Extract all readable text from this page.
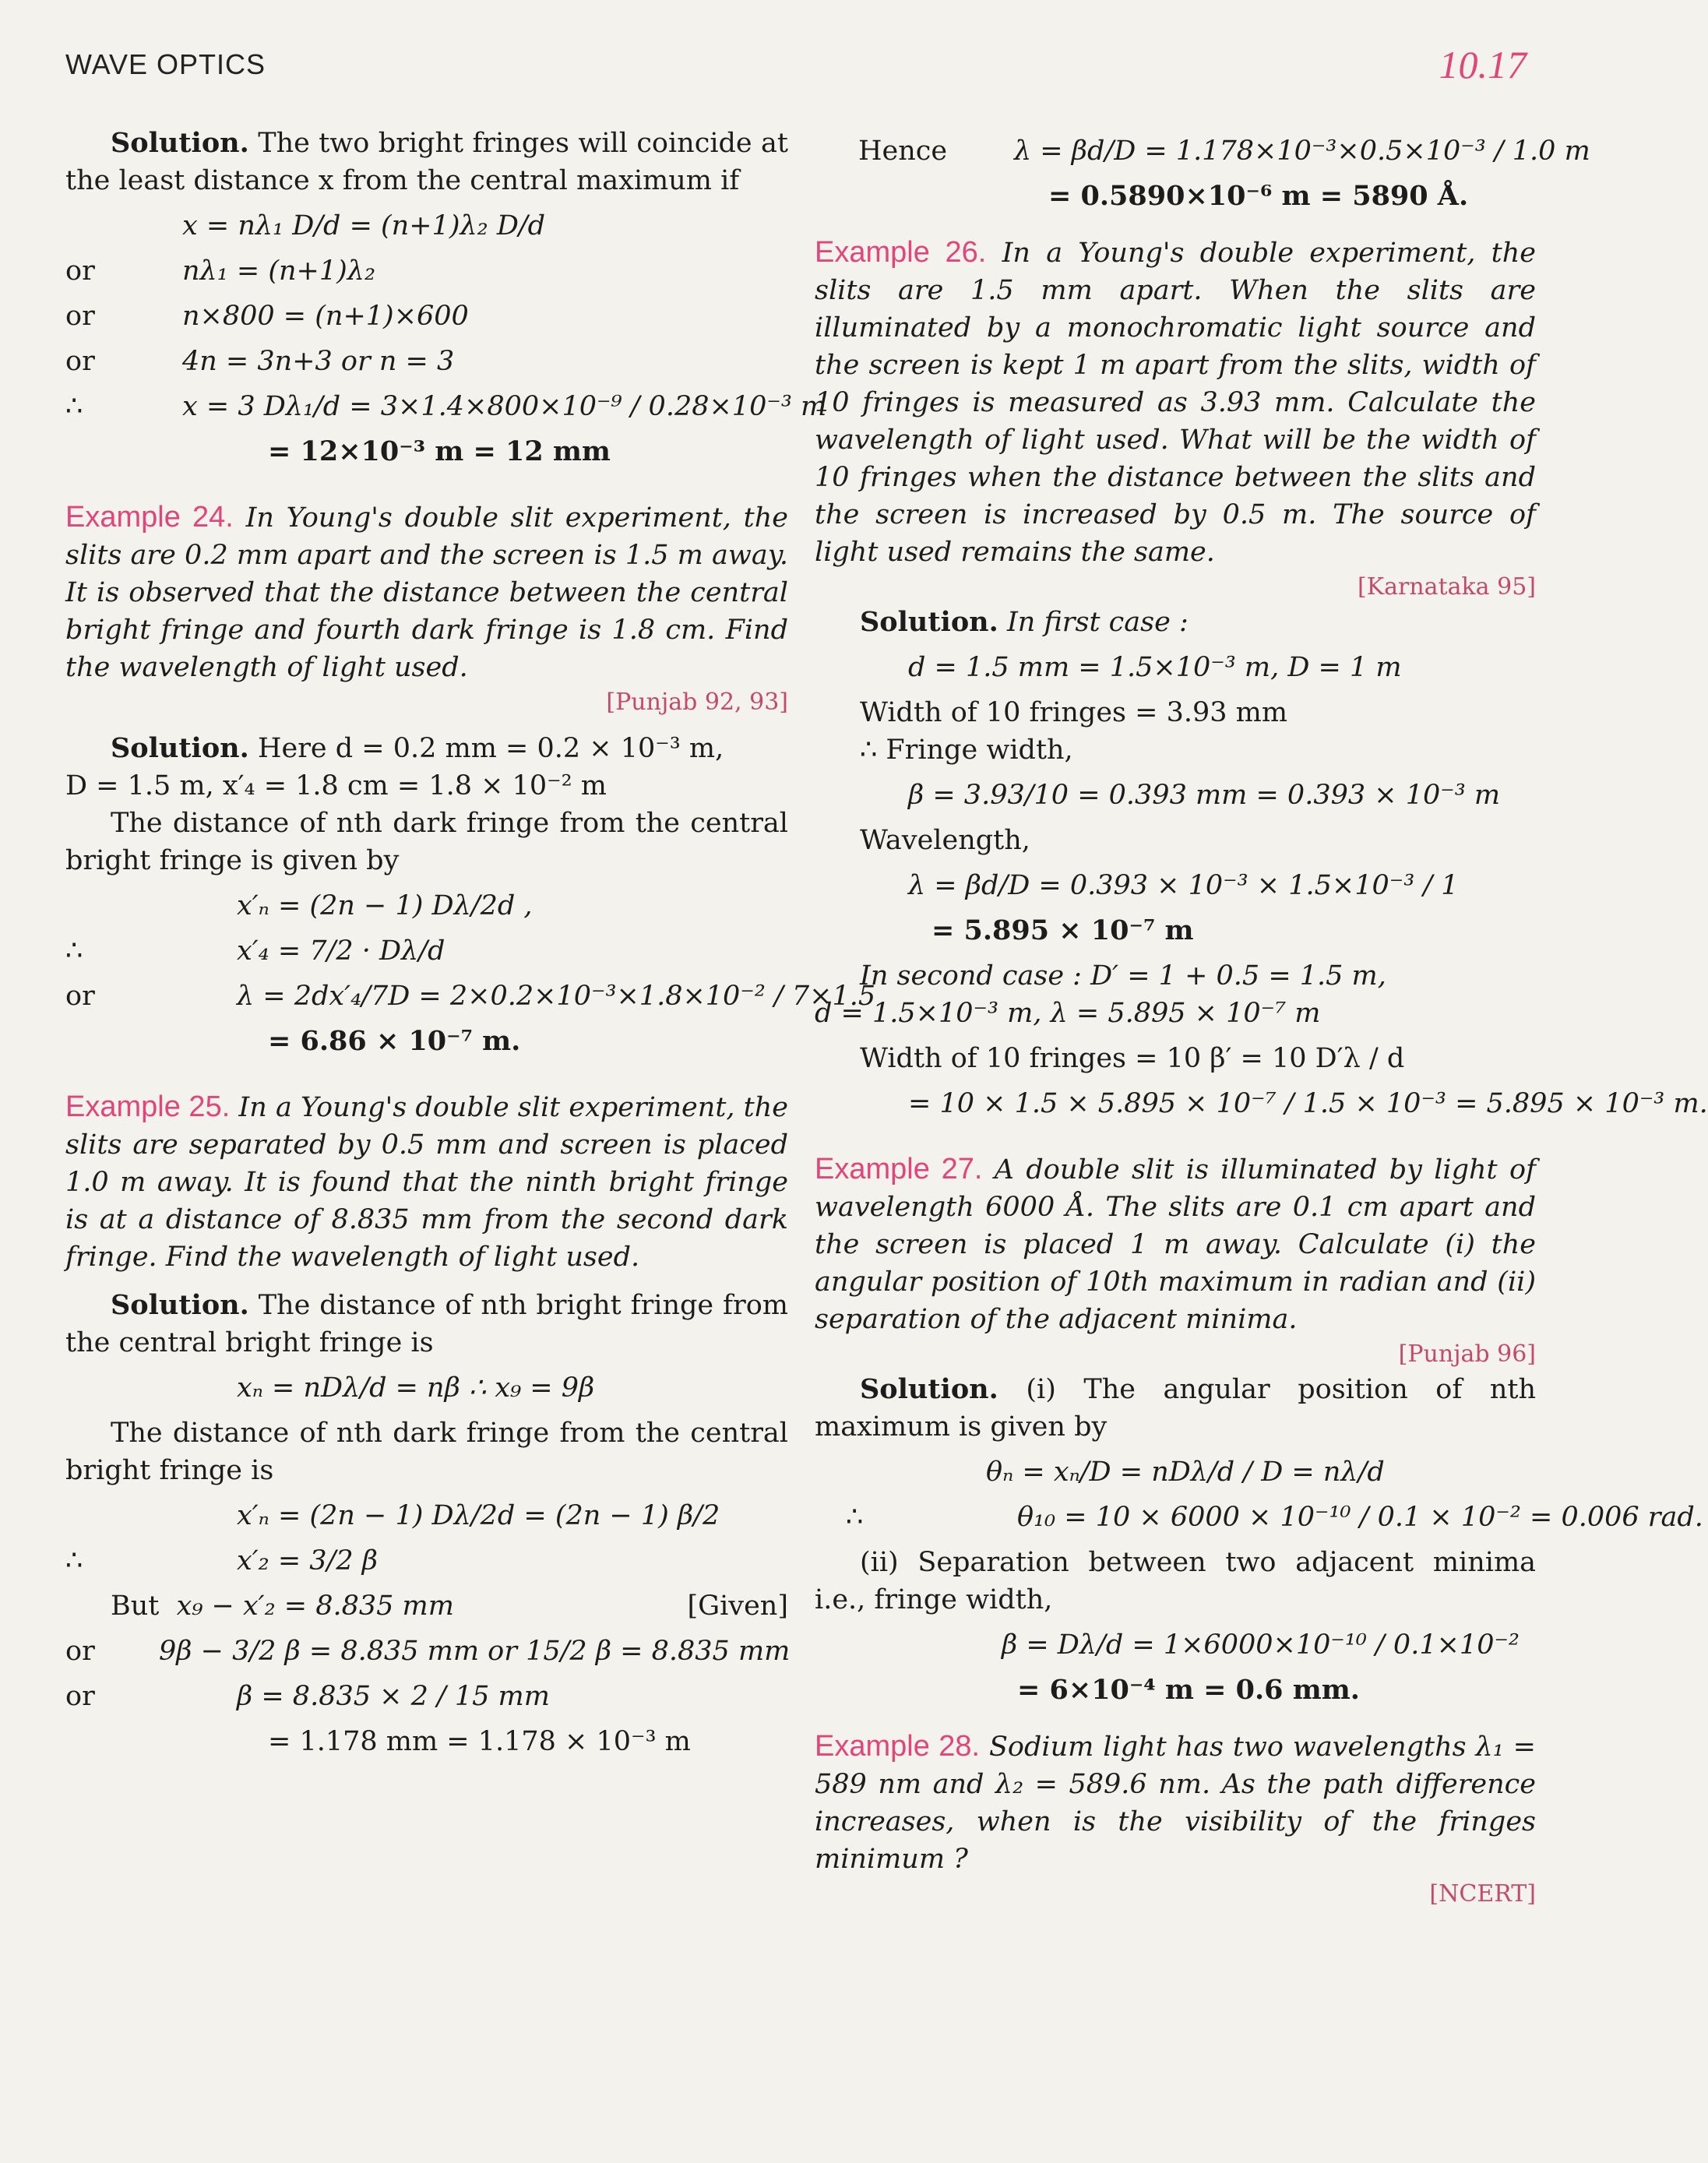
WAVE OPTICS	10.17

Solution. The two bright fringes will coincide at the least distance x from the central maximum if

x = nλ₁ D/d = (n+1)λ₂ D/d
or	nλ₁ = (n+1)λ₂
or	n×800 = (n+1)×600
or	4n = 3n+3 or n = 3
∴	x = 3 Dλ₁/d = 3×1.4×800×10⁻⁹ / 0.28×10⁻³ m
= 12×10⁻³ m = 12 mm

Example 24. In Young's double slit experiment, the slits are 0.2 mm apart and the screen is 1.5 m away. It is observed that the distance between the central bright fringe and fourth dark fringe is 1.8 cm. Find the wavelength of light used.

[Punjab 92, 93]

Solution. Here d = 0.2 mm = 0.2 × 10⁻³ m,

D = 1.5 m, x′₄ = 1.8 cm = 1.8 × 10⁻² m

The distance of nth dark fringe from the central bright fringe is given by

x′ₙ = (2n − 1) Dλ/2d ,
∴	x′₄ = 7/2 · Dλ/d
or	λ = 2dx′₄/7D = 2×0.2×10⁻³×1.8×10⁻² / 7×1.5
= 6.86 × 10⁻⁷ m.

Example 25. In a Young's double slit experiment, the slits are separated by 0.5 mm and screen is placed 1.0 m away. It is found that the ninth bright fringe is at a distance of 8.835 mm from the second dark fringe. Find the wavelength of light used.

Solution. The distance of nth bright fringe from the central bright fringe is

xₙ = nDλ/d = nβ ∴ x₉ = 9β

The distance of nth dark fringe from the central bright fringe is

x′ₙ = (2n − 1) Dλ/2d = (2n − 1) β/2
∴	x′₂ = 3/2 β
But x₉ − x′₂ = 8.835 mm	[Given]
or	9β − 3/2 β = 8.835 mm or 15/2 β = 8.835 mm
or	β = 8.835 × 2 / 15 mm
= 1.178 mm = 1.178 × 10⁻³ m
Hence	λ = βd/D = 1.178×10⁻³×0.5×10⁻³ / 1.0 m
= 0.5890×10⁻⁶ m = 5890 Å.

Example 26. In a Young's double experiment, the slits are 1.5 mm apart. When the slits are illuminated by a monochromatic light source and the screen is kept 1 m apart from the slits, width of 10 fringes is measured as 3.93 mm. Calculate the wavelength of light used. What will be the width of 10 fringes when the distance between the slits and the screen is increased by 0.5 m. The source of light used remains the same.

[Karnataka 95]

Solution. In first case :

d = 1.5 mm = 1.5×10⁻³ m, D = 1 m

Width of 10 fringes = 3.93 mm

∴ Fringe width,

β = 3.93/10 = 0.393 mm = 0.393 × 10⁻³ m

Wavelength,

λ = βd/D = 0.393 × 10⁻³ × 1.5×10⁻³ / 1
= 5.895 × 10⁻⁷ m

In second case : D′ = 1 + 0.5 = 1.5 m,

d = 1.5×10⁻³ m, λ = 5.895 × 10⁻⁷ m

Width of 10 fringes = 10 β′ = 10 D′λ / d
= 10 × 1.5 × 5.895 × 10⁻⁷ / 1.5 × 10⁻³ = 5.895 × 10⁻³ m.

Example 27. A double slit is illuminated by light of wavelength 6000 Å. The slits are 0.1 cm apart and the screen is placed 1 m away. Calculate (i) the angular position of 10th maximum in radian and (ii) separation of the adjacent minima.

[Punjab 96]

Solution. (i) The angular position of nth maximum is given by

θₙ = xₙ/D = nDλ/d / D = nλ/d
∴	θ₁₀ = 10 × 6000 × 10⁻¹⁰ / 0.1 × 10⁻² = 0.006 rad.

(ii) Separation between two adjacent minima i.e., fringe width,

β = Dλ/d = 1×6000×10⁻¹⁰ / 0.1×10⁻²
= 6×10⁻⁴ m = 0.6 mm.

Example 28. Sodium light has two wavelengths λ₁ = 589 nm and λ₂ = 589.6 nm. As the path difference increases, when is the visibility of the fringes minimum ?

[NCERT]
